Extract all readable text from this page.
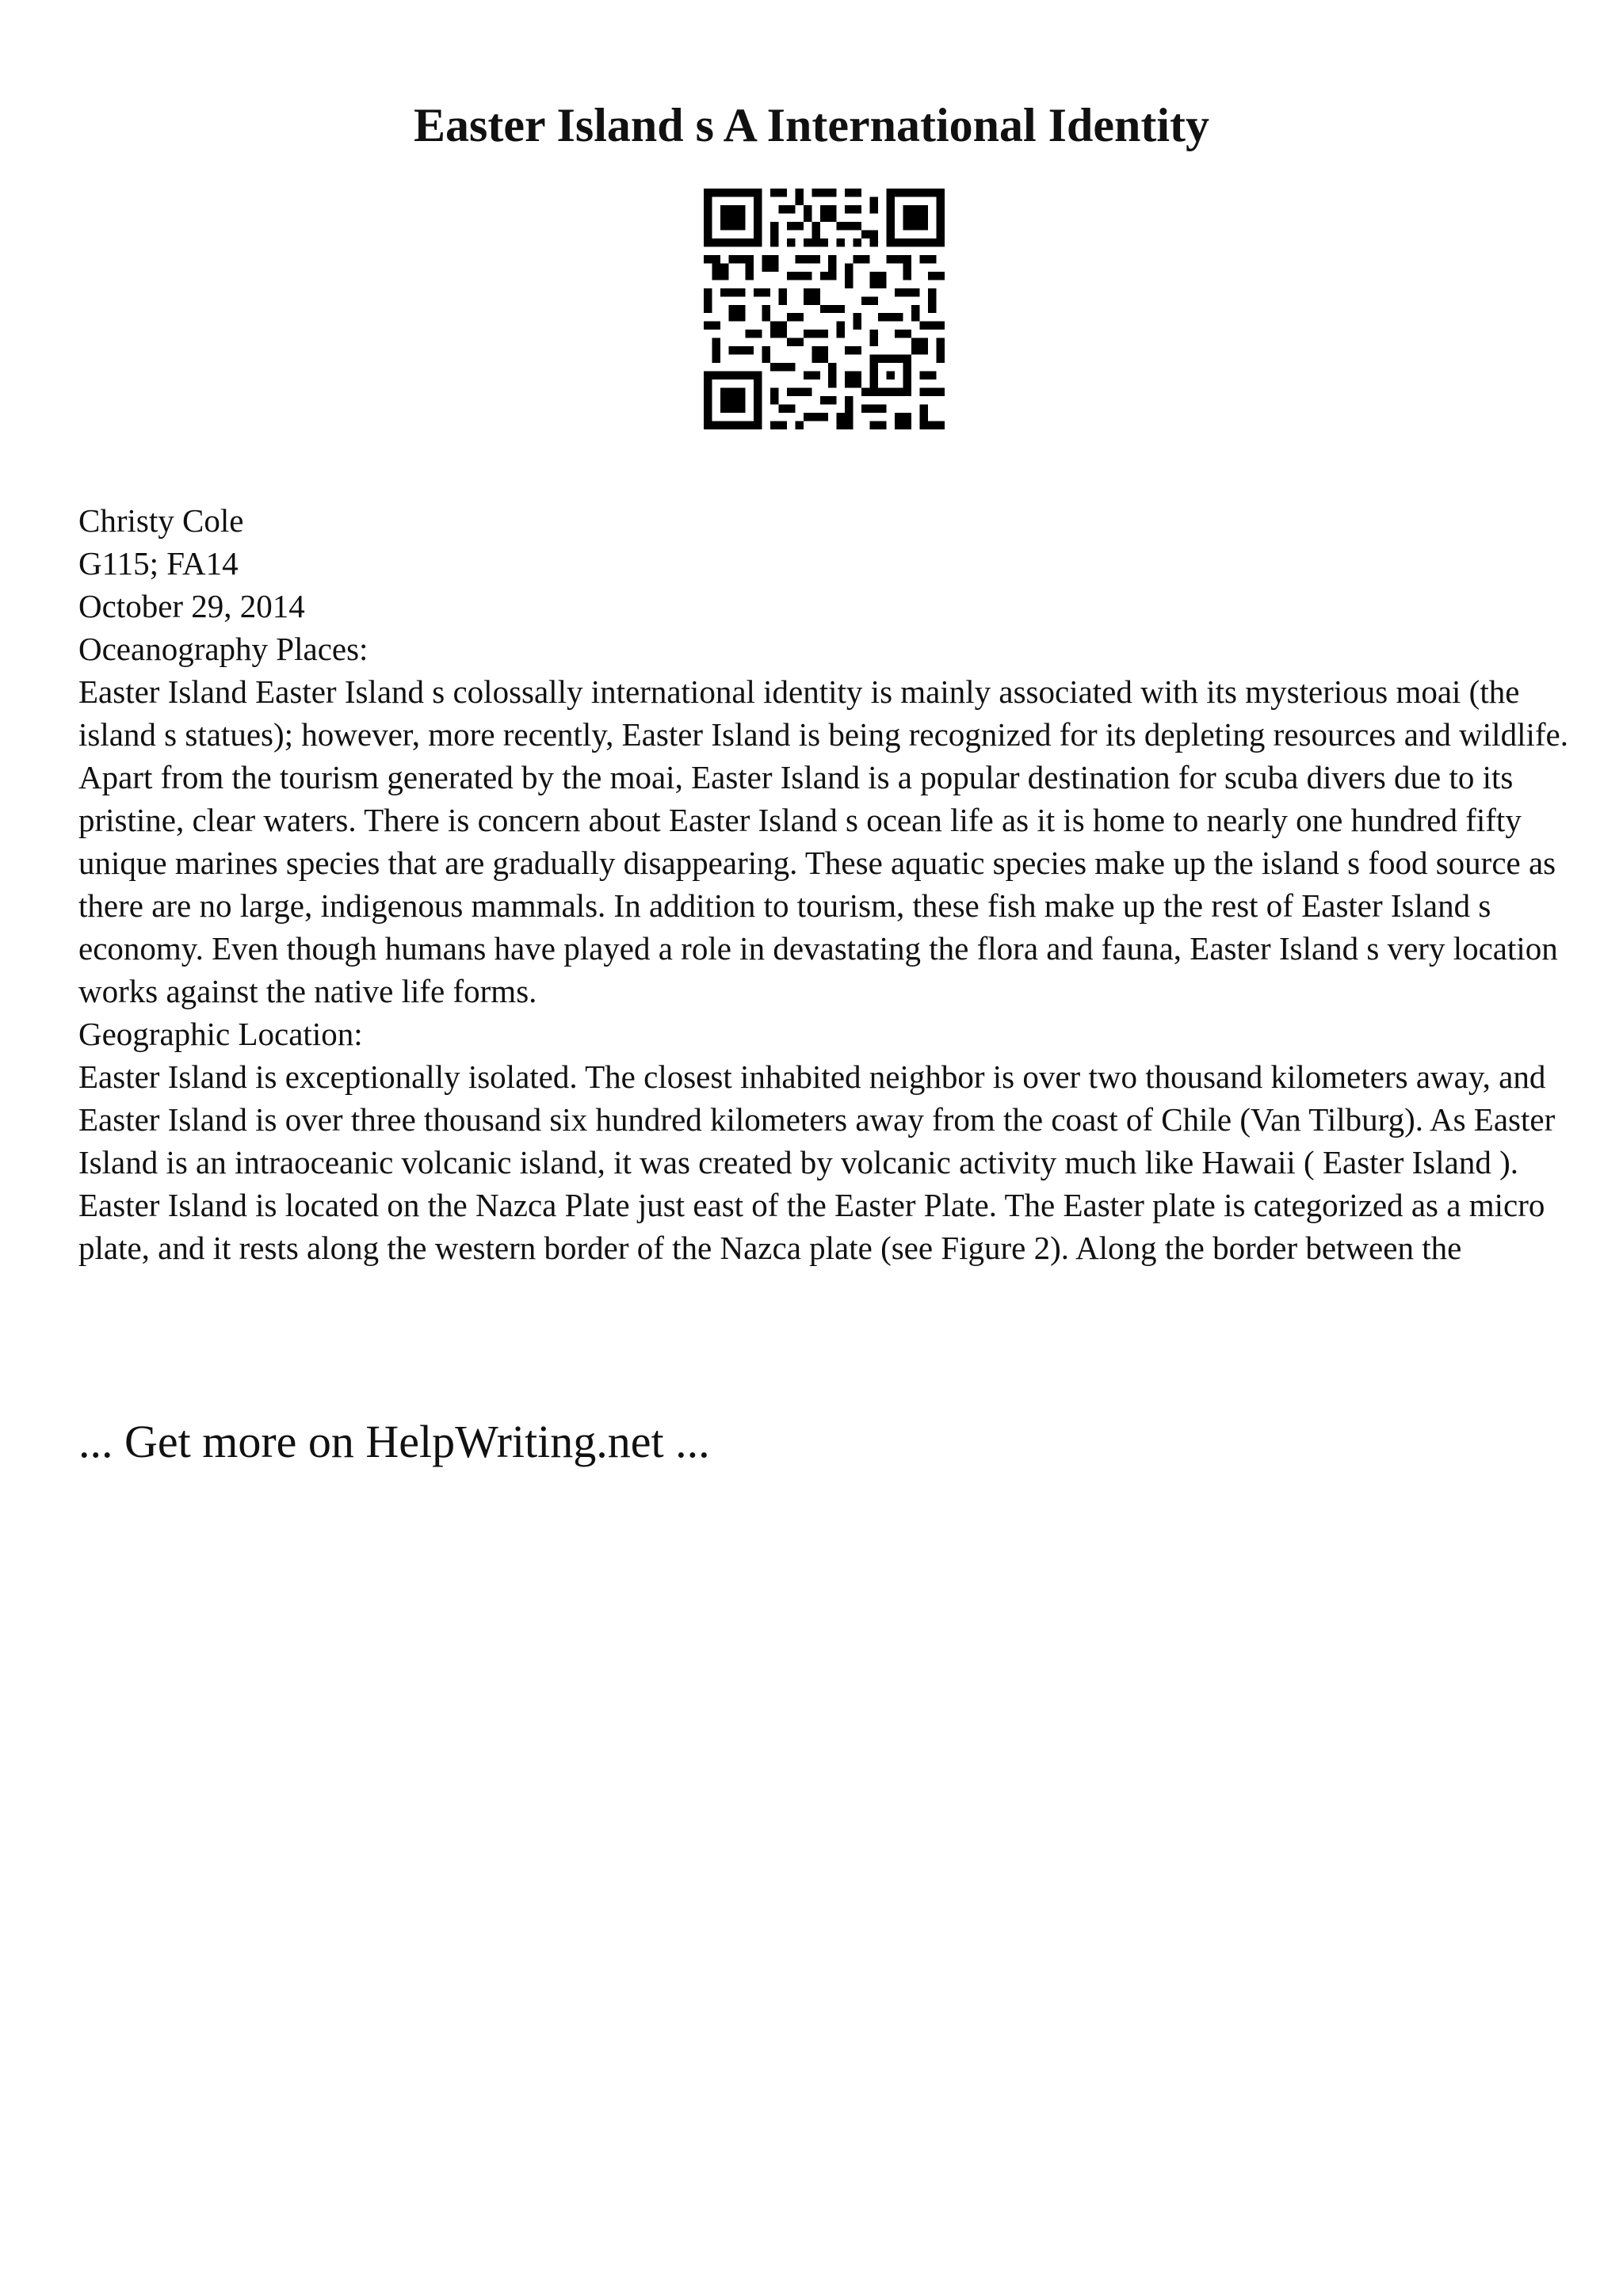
Easter Island s A International Identity

Christy Cole

G115; FA14

October 29, 2014

Oceanography Places:

Easter Island Easter Island s colossally international identity is mainly associated with its mysterious moai (the island s statues); however, more recently, Easter Island is being recognized for its depleting resources and wildlife. Apart from the tourism generated by the moai, Easter Island is a popular destination for scuba divers due to its pristine, clear waters. There is concern about Easter Island s ocean life as it is home to nearly one hundred fifty unique marines species that are gradually disappearing. These aquatic species make up the island s food source as there are no large, indigenous mammals. In addition to tourism, these fish make up the rest of Easter Island s economy. Even though humans have played a role in devastating the flora and fauna, Easter Island s very location works against the native life forms.

Geographic Location:

Easter Island is exceptionally isolated. The closest inhabited neighbor is over two thousand kilometers away, and Easter Island is over three thousand six hundred kilometers away from the coast of Chile (Van Tilburg). As Easter Island is an intraoceanic volcanic island, it was created by volcanic activity much like Hawaii ( Easter Island ). Easter Island is located on the Nazca Plate just east of the Easter Plate. The Easter plate is categorized as a micro plate, and it rests along the western border of the Nazca plate (see Figure 2). Along the border between the

... Get more on HelpWriting.net ...
